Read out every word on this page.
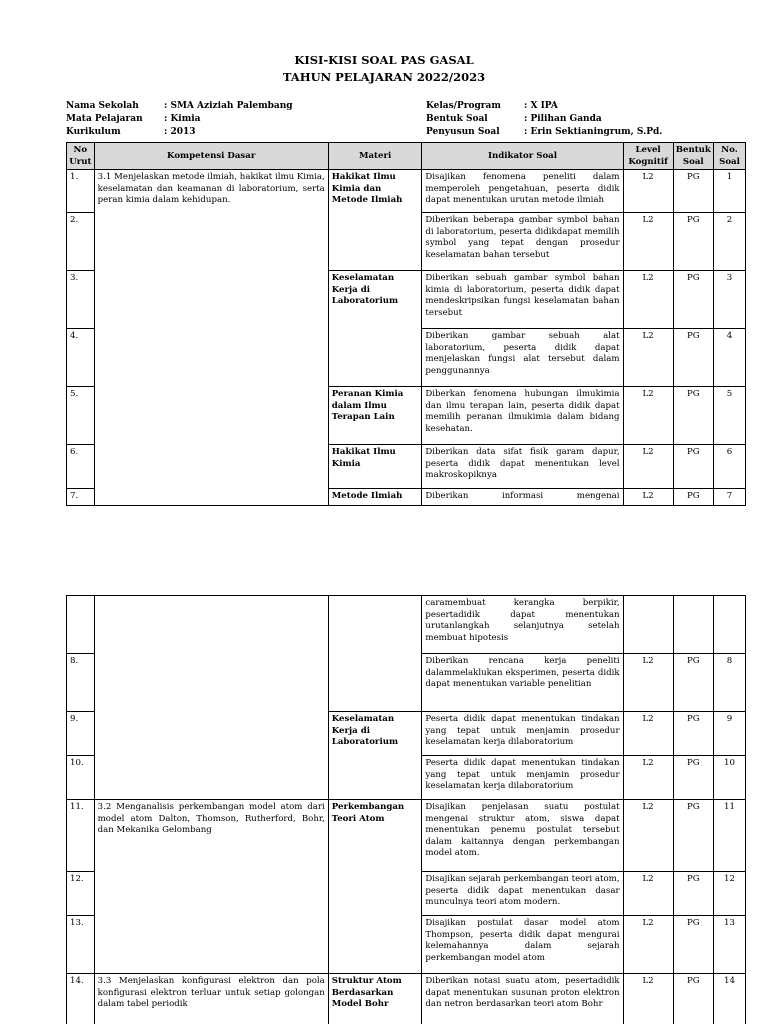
KISI-KISI SOAL PAS GASAL
TAHUN PELAJARAN 2022/2023
Nama Sekolah	: SMA Aziziah Palembang
Mata Pelajaran : Kimia
Kurikulum	: 2013
Kelas/Program	: X IPA
Bentuk Soal	: Pilihan Ganda
Penyusun Soal	: Erin Sektianingrum, S.Pd.
No Urut	Kompetensi Dasar	Materi	Indikator Soal	Level Kognitif	Bentuk Soal	No. Soal
1.	3.1 Menjelaskan metode ilmiah, hakikat ilmu Kimia, keselamatan dan keamanan di laboratorium, serta peran kimia dalam kehidupan.	Hakikat Ilmu Kimia dan Metode Ilmiah	Disajikan fenomena peneliti dalam memperoleh pengetahuan, peserta didik dapat menentukan urutan metode ilmiah	L2	PG	1
2.			Diberikan beberapa gambar symbol bahan di laboratorium, peserta didikdapat memilih symbol yang tepat dengan prosedur keselamatan bahan tersebut	L2	PG	2
3.		Keselamatan Kerja di Laboratorium	Diberikan sebuah gambar symbol bahan kimia di laboratorium, peserta didik dapat mendeskripsikan fungsi keselamatan bahan tersebut	L2	PG	3
4.			Diberikan gambar sebuah alat laboratorium, peserta didik dapat menjelaskan fungsi alat tersebut dalam penggunannya	L2	PG	4
5.		Peranan Kimia dalam Ilmu Terapan Lain	Diberkan fenomena hubungan ilmukimia dan ilmu terapan lain, peserta didik dapat memilih peranan ilmukimia dalam bidang kesehatan.	L2	PG	5
6.		Hakikat Ilmu Kimia	Diberikan data sifat fisik garam dapur, peserta didik dapat menentukan level makroskopiknya	L2	PG	6
7.		Metode Ilmiah	Diberikan informasi mengenai	L2	PG	7
			caramembuat kerangka berpikir, pesertadidik dapat menentukan urutanlangkah selanjutnya setelah membuat hipotesis			
8.			Diberikan rencana kerja peneliti dalammelaklukan eksperimen, peserta didik dapat menentukan variable penelitian	L2	PG	8
9.		Keselamatan Kerja di Laboratorium	Peserta didik dapat menentukan tindakan yang tepat untuk menjamin prosedur keselamatan kerja dilaboratorium	L2	PG	9
10.			Peserta didik dapat menentukan tindakan yang tepat untuk menjamin prosedur keselamatan kerja dilaboratorium	L2	PG	10
11.	3.2 Menganalisis perkembangan model atom dari model atom Dalton, Thomson, Rutherford, Bohr, dan Mekanika Gelombang	Perkembangan Teori Atom	Disajikan penjelasan suatu postulat mengenai struktur atom, siswa dapat menentukan penemu postulat tersebut dalam kaitannya dengan perkembangan model atom.	L2	PG	11
12.			Disajikan sejarah perkembangan teori atom, peserta didik dapat menentukan dasar munculnya teori atom modern.	L2	PG	12
13.			Disajikan postulat dasar model atom Thompson, peserta didik dapat mengurai kelemahannya dalam sejarah perkembangan model atom	L2	PG	13
14.	3.3 Menjelaskan konfigurasi elektron dan pola konfigurasi elektron terluar untuk setiap golongan dalam tabel periodik	Struktur Atom Berdasarkan Model Bohr	Diberikan notasi suatu atom, pesertadidik dapat menentukan susunan proton elektron dan netron berdasarkan teori atom Bohr	L2	PG	14
